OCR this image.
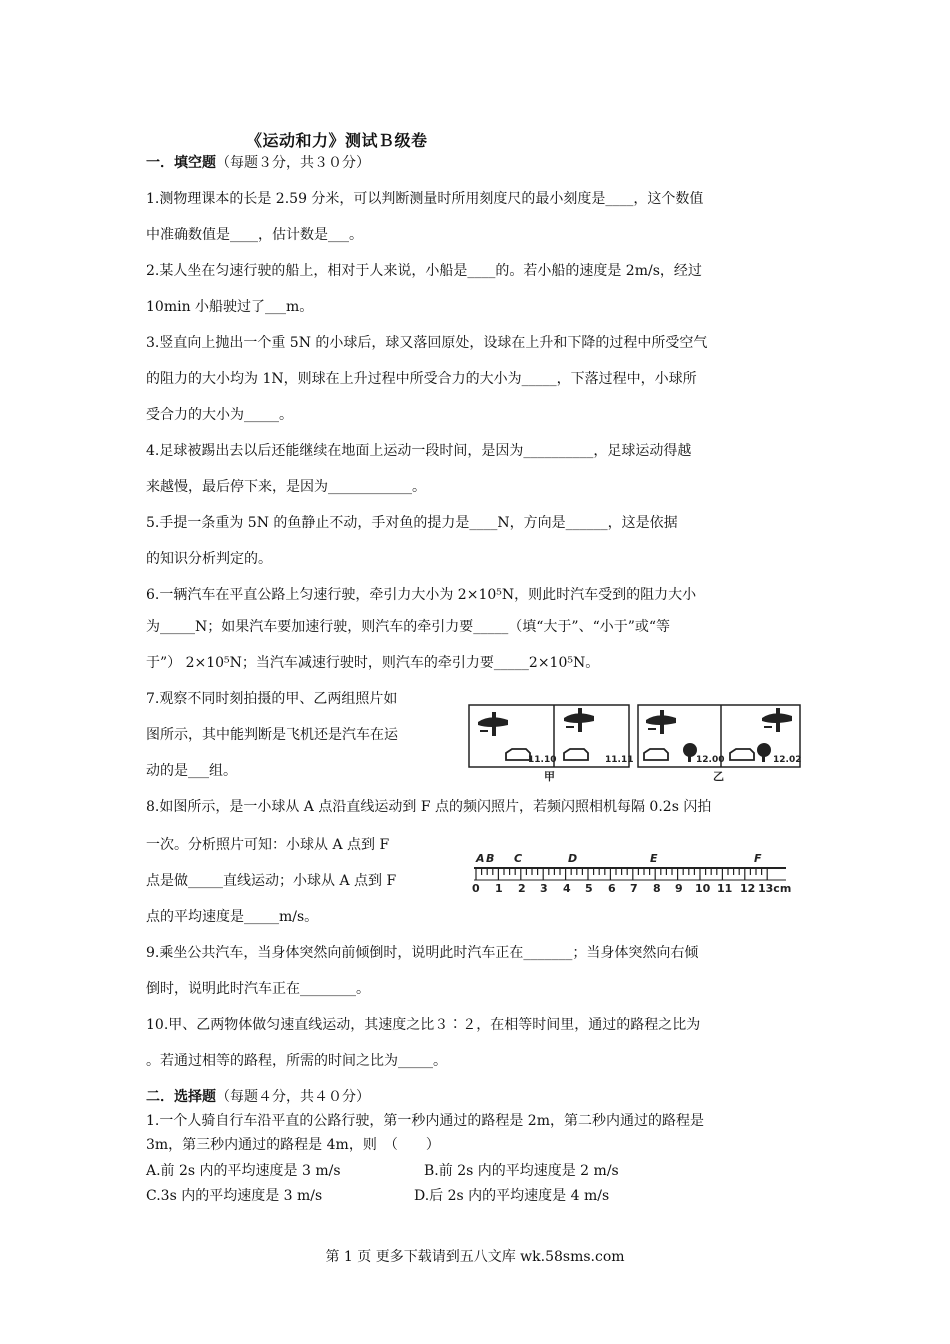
《运动和力》测试Ｂ级卷
一．填空题（每题３分，共３０分）
1.测物理课本的长是 2.59 分米，可以判断测量时所用刻度尺的最小刻度是____，这个数值
中准确数值是____，估计数是___。
2.某人坐在匀速行驶的船上，相对于人来说，小船是____的。若小船的速度是 2m/s，经过
10min 小船驶过了___m。
3.竖直向上抛出一个重 5N 的小球后，球又落回原处，设球在上升和下降的过程中所受空气
的阻力的大小均为 1N，则球在上升过程中所受合力的大小为_____，下落过程中，小球所
受合力的大小为_____。
4.足球被踢出去以后还能继续在地面上运动一段时间，是因为__________，足球运动得越
来越慢，最后停下来，是因为____________。
5.手提一条重为 5N 的鱼静止不动，手对鱼的提力是____N，方向是______，这是依据
的知识分析判定的。
6.一辆汽车在平直公路上匀速行驶，牵引力大小为 2×10⁵N，则此时汽车受到的阻力大小
为_____N；如果汽车要加速行驶，则汽车的牵引力要_____（填“大于”、“小于”或“等
于”） 2×10⁵N；当汽车减速行驶时，则汽车的牵引力要_____2×10⁵N。
7.观察不同时刻拍摄的甲、乙两组照片如
图所示，其中能判断是飞机还是汽车在运
动的是___组。
8.如图所示，是一小球从 A 点沿直线运动到 F 点的频闪照片，若频闪照相机每隔 0.2s 闪拍
一次。分析照片可知：小球从 A 点到 F
点是做_____直线运动；小球从 A 点到 F
点的平均速度是_____m/s。
9.乘坐公共汽车，当身体突然向前倾倒时，说明此时汽车正在_______；当身体突然向右倾
倒时，说明此时汽车正在________。
10.甲、乙两物体做匀速直线运动，其速度之比３∶２，在相等时间里，通过的路程之比为
。若通过相等的路程，所需的时间之比为_____。
二．选择题（每题４分，共４０分）
1.一个人骑自行车沿平直的公路行驶，第一秒内通过的路程是 2m，第二秒内通过的路程是
3m，第三秒内通过的路程是 4m，则　（　　）
A.前 2s 内的平均速度是 3 m/s	B.前 2s 内的平均速度是 2 m/s
C.3s 内的平均速度是 3 m/s	D.后 2s 内的平均速度是 4 m/s
11.10	11.11	12.00	12.02
甲	乙
A B C	D	E	F
0 1 2 3 4 5 6 7 8 9 10 11 12 13cm
第 1 页 更多下载请到五八文库 wk.58sms.com
